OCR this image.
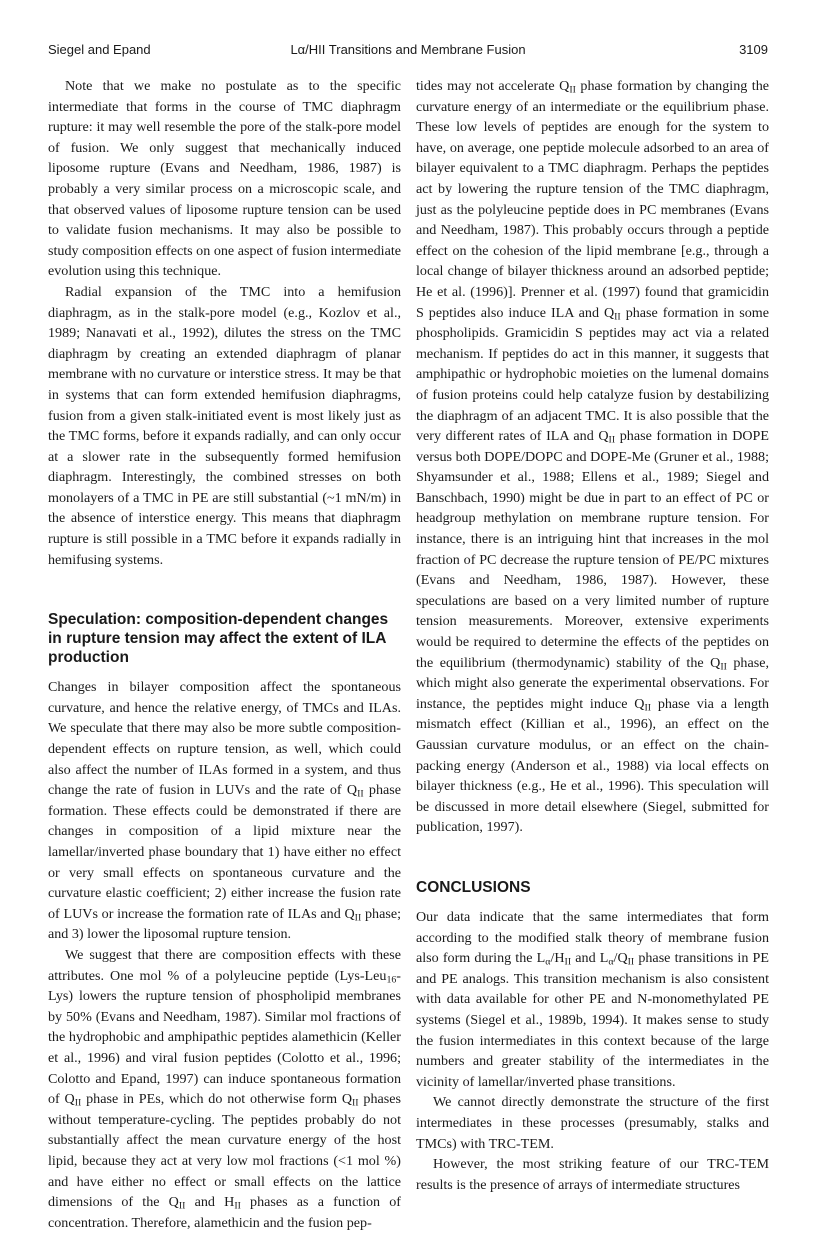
Siegel and Epand	Lα/HII Transitions and Membrane Fusion	3109

Note that we make no postulate as to the specific intermediate that forms in the course of TMC diaphragm rupture: it may well resemble the pore of the stalk-pore model of fusion. We only suggest that mechanically induced liposome rupture (Evans and Needham, 1986, 1987) is probably a very similar process on a microscopic scale, and that observed values of liposome rupture tension can be used to validate fusion mechanisms. It may also be possible to study composition effects on one aspect of fusion intermediate evolution using this technique.

Radial expansion of the TMC into a hemifusion diaphragm, as in the stalk-pore model (e.g., Kozlov et al., 1989; Nanavati et al., 1992), dilutes the stress on the TMC diaphragm by creating an extended diaphragm of planar membrane with no curvature or interstice stress. It may be that in systems that can form extended hemifusion diaphragms, fusion from a given stalk-initiated event is most likely just as the TMC forms, before it expands radially, and can only occur at a slower rate in the subsequently formed hemifusion diaphragm. Interestingly, the combined stresses on both monolayers of a TMC in PE are still substantial (~1 mN/m) in the absence of interstice energy. This means that diaphragm rupture is still possible in a TMC before it expands radially in hemifusing systems.

Speculation: composition-dependent changes in rupture tension may affect the extent of ILA production

Changes in bilayer composition affect the spontaneous curvature, and hence the relative energy, of TMCs and ILAs. We speculate that there may also be more subtle composition-dependent effects on rupture tension, as well, which could also affect the number of ILAs formed in a system, and thus change the rate of fusion in LUVs and the rate of $Q_{II}$ phase formation. These effects could be demonstrated if there are changes in composition of a lipid mixture near the lamellar/inverted phase boundary that 1) have either no effect or very small effects on spontaneous curvature and the curvature elastic coefficient; 2) either increase the fusion rate of LUVs or increase the formation rate of ILAs and $Q_{II}$ phase; and 3) lower the liposomal rupture tension.

We suggest that there are composition effects with these attributes. One mol % of a polyleucine peptide (Lys-Leu$_{16}$-Lys) lowers the rupture tension of phospholipid membranes by 50% (Evans and Needham, 1987). Similar mol fractions of the hydrophobic and amphipathic peptides alamethicin (Keller et al., 1996) and viral fusion peptides (Colotto et al., 1996; Colotto and Epand, 1997) can induce spontaneous formation of $Q_{II}$ phase in PEs, which do not otherwise form $Q_{II}$ phases without temperature-cycling. The peptides probably do not substantially affect the mean curvature energy of the host lipid, because they act at very low mol fractions (<1 mol %) and have either no effect or small effects on the lattice dimensions of the $Q_{II}$ and $H_{II}$ phases as a function of concentration. Therefore, alamethicin and the fusion pep-

tides may not accelerate $Q_{II}$ phase formation by changing the curvature energy of an intermediate or the equilibrium phase. These low levels of peptides are enough for the system to have, on average, one peptide molecule adsorbed to an area of bilayer equivalent to a TMC diaphragm. Perhaps the peptides act by lowering the rupture tension of the TMC diaphragm, just as the polyleucine peptide does in PC membranes (Evans and Needham, 1987). This probably occurs through a peptide effect on the cohesion of the lipid membrane [e.g., through a local change of bilayer thickness around an adsorbed peptide; He et al. (1996)]. Prenner et al. (1997) found that gramicidin S peptides also induce ILA and $Q_{II}$ phase formation in some phospholipids. Gramicidin S peptides may act via a related mechanism. If peptides do act in this manner, it suggests that amphipathic or hydrophobic moieties on the lumenal domains of fusion proteins could help catalyze fusion by destabilizing the diaphragm of an adjacent TMC. It is also possible that the very different rates of ILA and $Q_{II}$ phase formation in DOPE versus both DOPE/DOPC and DOPE-Me (Gruner et al., 1988; Shyamsunder et al., 1988; Ellens et al., 1989; Siegel and Banschbach, 1990) might be due in part to an effect of PC or headgroup methylation on membrane rupture tension. For instance, there is an intriguing hint that increases in the mol fraction of PC decrease the rupture tension of PE/PC mixtures (Evans and Needham, 1986, 1987). However, these speculations are based on a very limited number of rupture tension measurements. Moreover, extensive experiments would be required to determine the effects of the peptides on the equilibrium (thermodynamic) stability of the $Q_{II}$ phase, which might also generate the experimental observations. For instance, the peptides might induce $Q_{II}$ phase via a length mismatch effect (Killian et al., 1996), an effect on the Gaussian curvature modulus, or an effect on the chain-packing energy (Anderson et al., 1988) via local effects on bilayer thickness (e.g., He et al., 1996). This speculation will be discussed in more detail elsewhere (Siegel, submitted for publication, 1997).

CONCLUSIONS

Our data indicate that the same intermediates that form according to the modified stalk theory of membrane fusion also form during the $L_\alpha/H_{II}$ and $L_\alpha/Q_{II}$ phase transitions in PE and PE analogs. This transition mechanism is also consistent with data available for other PE and N-monomethylated PE systems (Siegel et al., 1989b, 1994). It makes sense to study the fusion intermediates in this context because of the large numbers and greater stability of the intermediates in the vicinity of lamellar/inverted phase transitions.

We cannot directly demonstrate the structure of the first intermediates in these processes (presumably, stalks and TMCs) with TRC-TEM.

However, the most striking feature of our TRC-TEM results is the presence of arrays of intermediate structures
